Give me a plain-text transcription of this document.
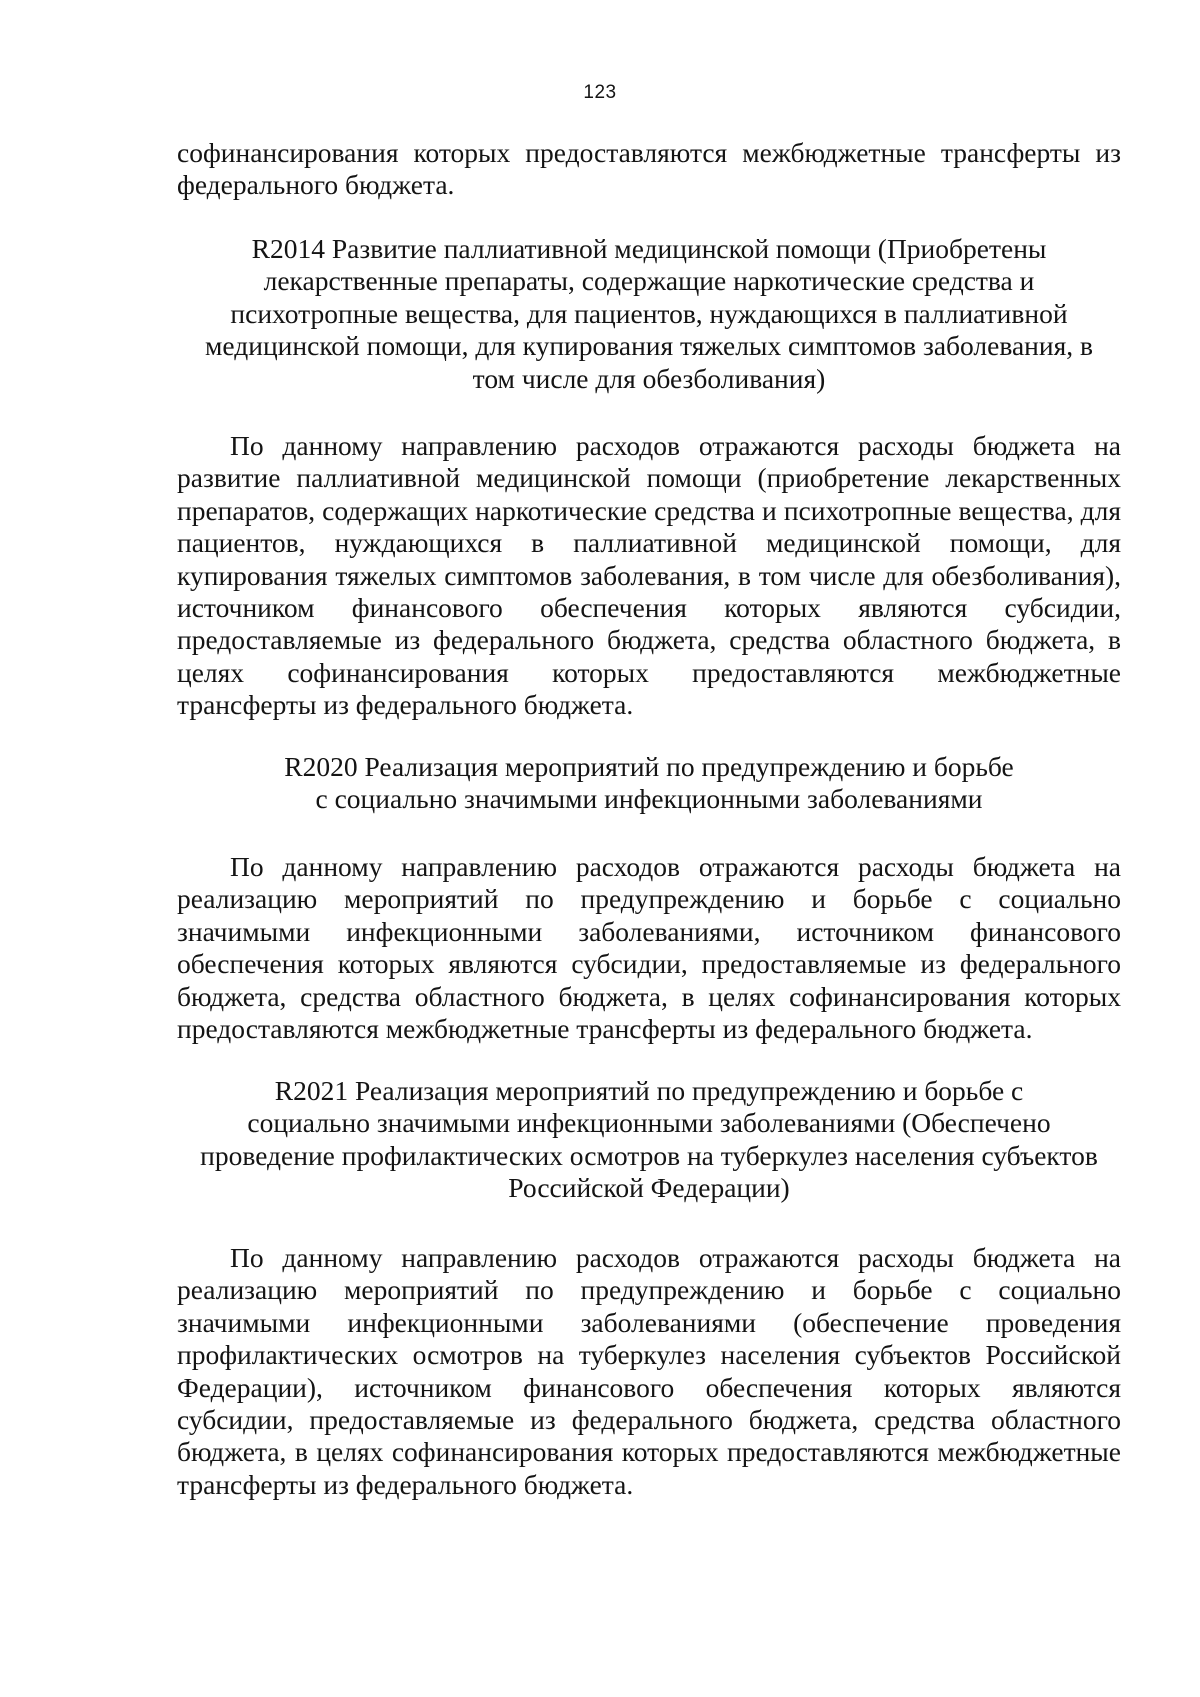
123
софинансирования которых предоставляются межбюджетные трансферты из федерального бюджета.
R2014 Развитие паллиативной медицинской помощи (Приобретены
лекарственные препараты, содержащие наркотические средства и
психотропные вещества, для пациентов, нуждающихся в паллиативной
медицинской помощи, для купирования тяжелых симптомов заболевания, в
том числе для обезболивания)
По данному направлению расходов отражаются расходы бюджета на развитие паллиативной медицинской помощи (приобретение лекарственных препаратов, содержащих наркотические средства и психотропные вещества, для пациентов, нуждающихся в паллиативной медицинской помощи, для купирования тяжелых симптомов заболевания, в том числе для обезболивания), источником финансового обеспечения которых являются субсидии, предоставляемые из федерального бюджета, средства областного бюджета, в целях софинансирования которых предоставляются межбюджетные трансферты из федерального бюджета.
R2020 Реализация мероприятий по предупреждению и борьбе
с социально значимыми инфекционными заболеваниями
По данному направлению расходов отражаются расходы бюджета на реализацию мероприятий по предупреждению и борьбе с социально значимыми инфекционными заболеваниями, источником финансового обеспечения которых являются субсидии, предоставляемые из федерального бюджета, средства областного бюджета, в целях софинансирования которых предоставляются межбюджетные трансферты из федерального бюджета.
R2021 Реализация мероприятий по предупреждению и борьбе с
социально значимыми инфекционными заболеваниями (Обеспечено
проведение профилактических осмотров на туберкулез населения субъектов
Российской Федерации)
По данному направлению расходов отражаются расходы бюджета на реализацию мероприятий по предупреждению и борьбе с социально значимыми инфекционными заболеваниями (обеспечение проведения профилактических осмотров на туберкулез населения субъектов Российской Федерации), источником финансового обеспечения которых являются субсидии, предоставляемые из федерального бюджета, средства областного бюджета, в целях софинансирования которых предоставляются межбюджетные трансферты из федерального бюджета.
